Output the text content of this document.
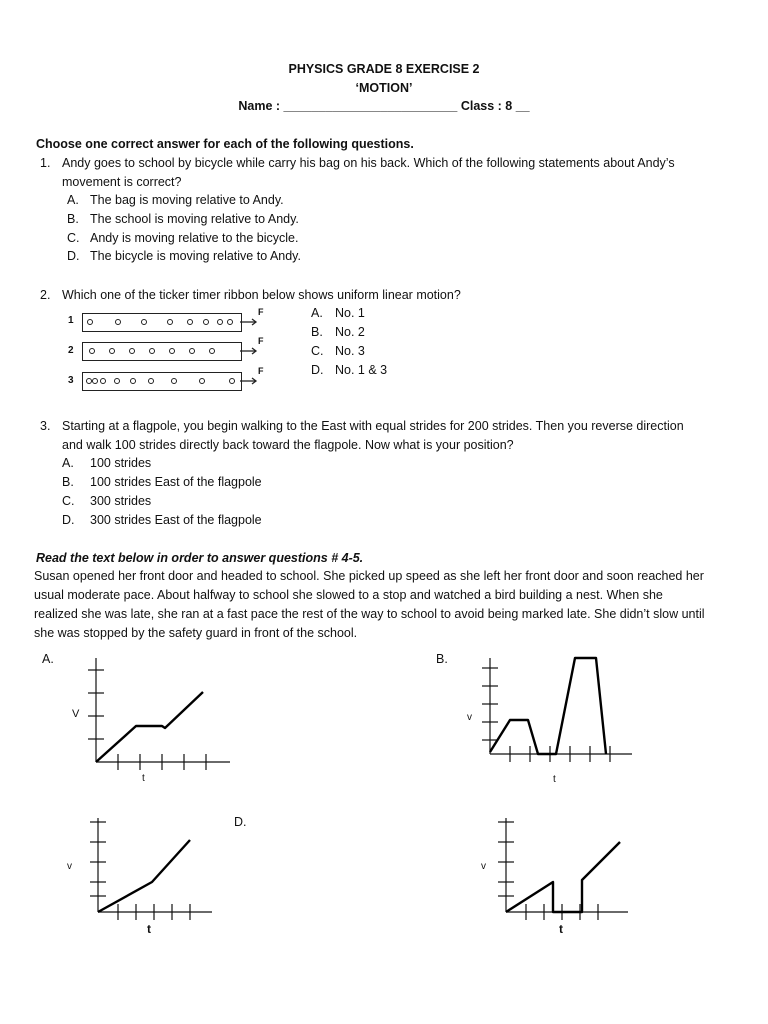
PHYSICS GRADE 8 EXERCISE 2
‘MOTION’
Name : _________________________ Class : 8 __
Choose one correct answer for each of the following questions.
1. Andy goes to school by bicycle while carry his bag on his back. Which of the following statements about Andy’s
movement is correct?
A. The bag is moving relative to Andy.
B. The school is moving relative to Andy.
C. Andy is moving relative to the bicycle.
D. The bicycle is moving relative to Andy.
2. Which one of the ticker timer ribbon below shows uniform linear motion?
1
2
3
F
F
F
A. No. 1
B. No. 2
C. No. 3
D. No. 1 & 3
3. Starting at a flagpole, you begin walking to the East with equal strides for 200 strides. Then you reverse direction
and walk 100 strides directly back toward the flagpole. Now what is your position?
A. 100 strides
B. 100 strides East of the flagpole
C. 300 strides
D. 300 strides East of the flagpole
Read the text below in order to answer questions # 4-5.
Susan opened her front door and headed to school. She picked up speed as she left her front door and soon reached her
usual moderate pace. About halfway to school she slowed to a stop and watched a bird building a nest. When she
realized she was late, she ran at a fast pace the rest of the way to school to avoid being marked late. She didn’t slow until
she was stopped by the safety guard in front of the school.
A.	B.
D.
V
t
v
t
v
t
v
t
